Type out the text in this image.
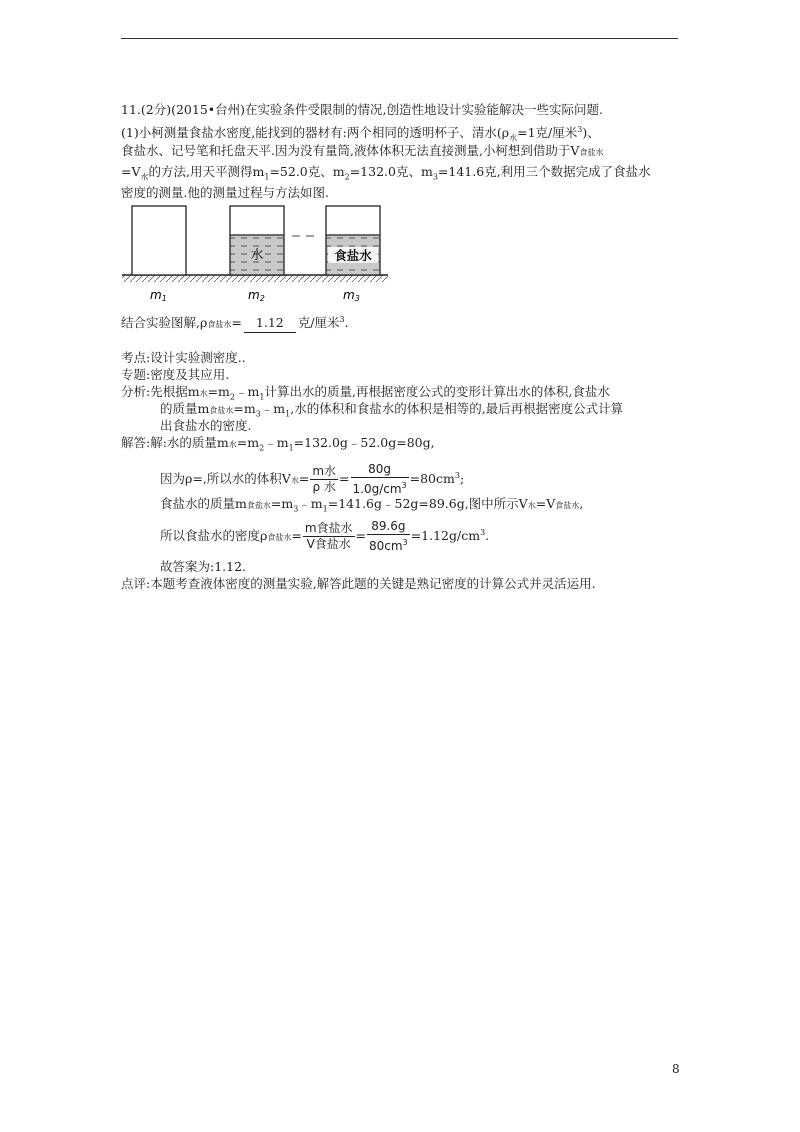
11.(2分)(2015•台州)在实验条件受限制的情况,创造性地设计实验能解决一些实际问题.
(1)小柯测量食盐水密度,能找到的器材有:两个相同的透明杯子、清水($\rho_水=1$克/厘米$^3$)、
食盐水、记号笔和托盘天平.因为没有量筒,液体体积无法直接测量,小柯想到借助于V食盐水
$=V_水$的方法,用天平测得$m_1=52.0$克、$m_2=132.0$克、$m_3=141.6$克,利用三个数据完成了食盐水
密度的测量.他的测量过程与方法如图.
水	食盐水
m1	m2	m3
结合实验图解,ρ食盐水= 1.12 克/厘米$^3$.
考点:设计实验测密度..
专题:密度及其应用.
分析:先根据m水$=m_2﹣m_1$计算出水的质量,再根据密度公式的变形计算出水的体积,食盐水
的质量m食盐水$=m_3﹣m_1$,水的体积和食盐水的体积是相等的,最后再根据密度公式计算
出食盐水的密度.
解答:解:水的质量m水$=m_2﹣m_1=132.0g﹣52.0g=80g$,
因为ρ=,所以水的体积V水= $\frac{\text{m水}}{\text{ρ 水}} = \frac{80g}{1.0g/cm^3} =80cm^3$;
食盐水的质量m食盐水$=m_3﹣m_1=141.6g﹣52g=89.6g$,图中所示V水=V食盐水,
所以食盐水的密度ρ食盐水= $\frac{\text{m食盐水}}{\text{V食盐水}} = \frac{89.6g}{80cm^3} =1.12g/cm^3$.
故答案为:1.12.
点评:本题考查液体密度的测量实验,解答此题的关键是熟记密度的计算公式并灵活运用.
8
